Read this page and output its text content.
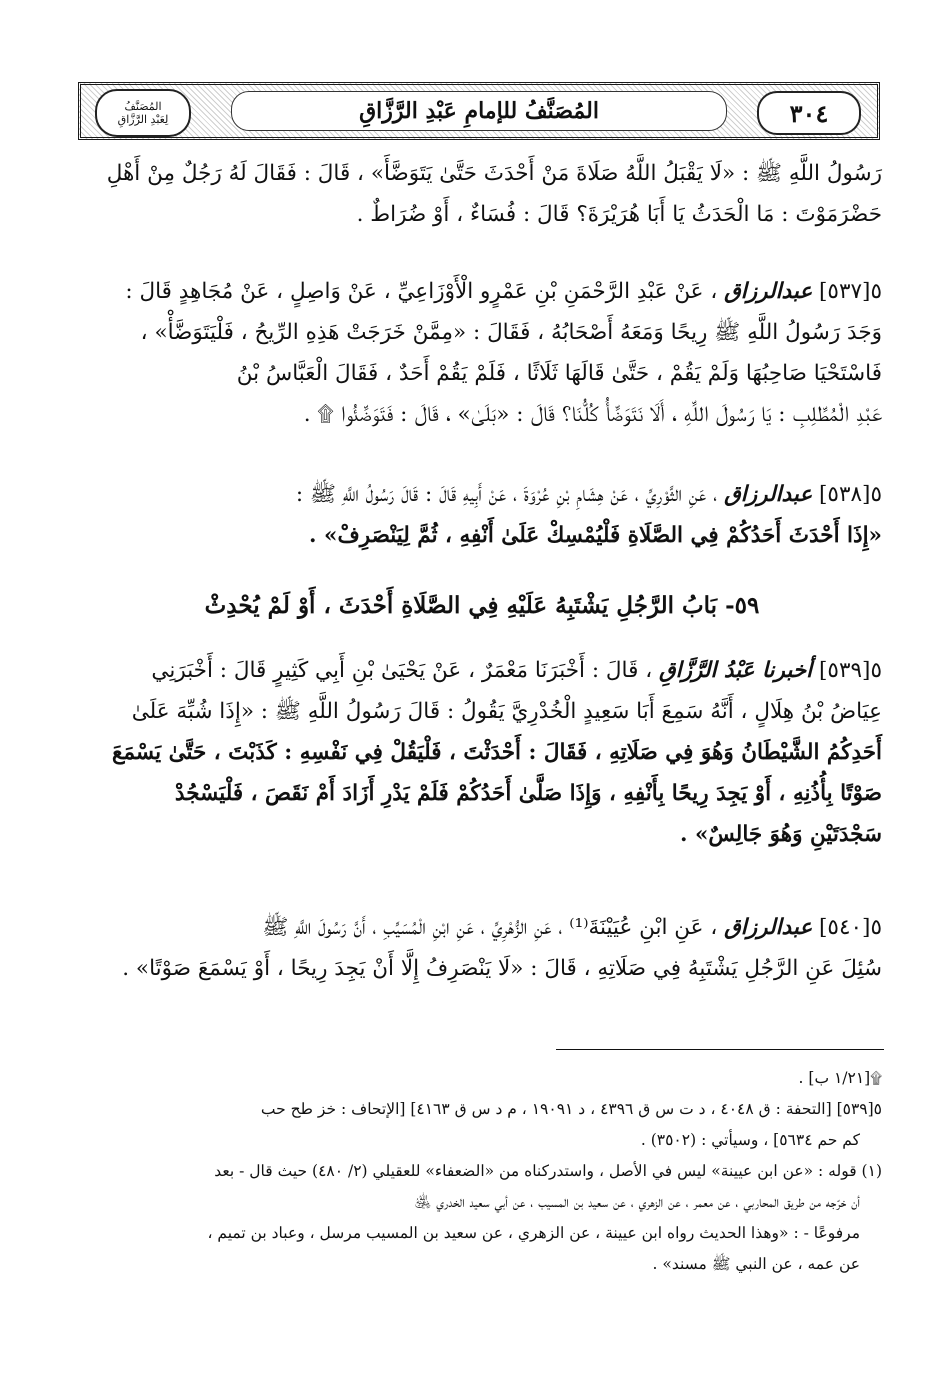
المُصَنَّفُ
لِعَبْدِ الرَّزَّاقِ	المُصَنَّفُ للإمامِ عَبْدِ الرَّزَّاقِ	٣٠٤
رَسُولُ اللَّهِ ﷺ : «لَا يَقْبَلُ اللَّهُ صَلَاةَ مَنْ أَحْدَثَ حَتَّىٰ يَتَوَضَّأَ» ، قَالَ : فَقَالَ لَهُ رَجُلٌ مِنْ أَهْلِ
حَضْرَمَوْتَ : مَا الْحَدَثُ يَا أَبَا هُرَيْرَةَ؟ قَالَ : فُسَاءٌ ، أَوْ ضُرَاطٌ .
٥[٥٣٧] عبدالرزاق ، عَنْ عَبْدِ الرَّحْمَنِ بْنِ عَمْرٍو الْأَوْزَاعِيِّ ، عَنْ وَاصِلٍ ، عَنْ مُجَاهِدٍ قَالَ :
وَجَدَ رَسُولُ اللَّهِ ﷺ رِيحًا وَمَعَهُ أَصْحَابُهُ ، فَقَالَ : «مِمَّنْ خَرَجَتْ هَذِهِ الرِّيحُ ، فَلْيَتَوَضَّأْ» ،
فَاسْتَحْيَا صَاحِبُهَا وَلَمْ يَقُمْ ، حَتَّىٰ قَالَهَا ثَلَاثًا ، فَلَمْ يَقُمْ أَحَدٌ ، فَقَالَ الْعَبَّاسُ بْنُ
عَبْدِ الْمُطَّلِبِ : يَا رَسُولَ اللَّهِ ، أَلَا نَتَوَضَّأُ كُلُّنَا؟ قَالَ : «بَلَىٰ» ، قَالَ : فَتَوَضَّئُوا ۩ .
٥[٥٣٨] عبدالرزاق ، عَنِ الثَّوْرِيِّ ، عَنْ هِشَامِ بْنِ عُرْوَةَ ، عَنْ أَبِيهِ قَالَ : قَالَ رَسُولُ اللَّهِ ﷺ :
«إِذَا أَحْدَثَ أَحَدُكُمْ فِي الصَّلَاةِ فَلْيُمْسِكْ عَلَىٰ أَنْفِهِ ، ثُمَّ لِيَنْصَرِفْ» .
٥٩- بَابُ الرَّجُلِ يَشْتَبِهُ عَلَيْهِ فِي الصَّلَاةِ أَحْدَثَ ، أَوْ لَمْ يُحْدِثْ
٥[٥٣٩] أخبرنا عَبْدُ الرَّزَّاقِ ، قَالَ : أَخْبَرَنَا مَعْمَرٌ ، عَنْ يَحْيَىٰ بْنِ أَبِي كَثِيرٍ قَالَ : أَخْبَرَنِي
عِيَاضُ بْنُ هِلَالٍ ، أَنَّهُ سَمِعَ أَبَا سَعِيدٍ الْخُدْرِيَّ يَقُولُ : قَالَ رَسُولُ اللَّهِ ﷺ : «إِذَا شُبِّهَ عَلَىٰ
أَحَدِكُمُ الشَّيْطَانُ وَهُوَ فِي صَلَاتِهِ ، فَقَالَ : أَحْدَثْتَ ، فَلْيَقُلْ فِي نَفْسِهِ : كَذَبْتَ ، حَتَّىٰ يَسْمَعَ
صَوْتًا بِأُذُنِهِ ، أَوْ يَجِدَ رِيحًا بِأَنْفِهِ ، وَإِذَا صَلَّىٰ أَحَدُكُمْ فَلَمْ يَدْرِ أَزَادَ أَمْ نَقَصَ ، فَلْيَسْجُدْ
سَجْدَتَيْنِ وَهُوَ جَالِسٌ» .
٥[٥٤٠] عبدالرزاق ، عَنِ ابْنِ عُيَيْنَةَ⁽¹⁾ ، عَنِ الزُّهْرِيِّ ، عَنِ ابْنِ الْمُسَيِّبِ ، أَنَّ رَسُولَ اللَّهِ ﷺ
سُئِلَ عَنِ الرَّجُلِ يَشْتَبِهُ فِي صَلَاتِهِ ، قَالَ : «لَا يَنْصَرِفُ إِلَّا أَنْ يَجِدَ رِيحًا ، أَوْ يَسْمَعَ صَوْتًا» .
۩[١/٢١ ب] .
٥[٥٣٩] [التحفة : ق ٤٠٤٨ ، د ت س ق ٤٣٩٦ ، د ١٩٠٩١ ، م د س ق ٤١٦٣] [الإتحاف : خز طح حب
كم حم ٥٦٣٤] ، وسيأتي : (٣٥٠٢) .
(١) قوله : «عن ابن عيينة» ليس في الأصل ، واستدركناه من «الضعفاء» للعقيلي (٢/ ٤٨٠) حيث قال - بعد
أن خرّجه من طريق المحاربي ، عن معمر ، عن الزهري ، عن سعيد بن المسيب ، عن أبي سعيد الخدري ﵁
مرفوعًا - : «وهذا الحديث رواه ابن عيينة ، عن الزهري ، عن سعيد بن المسيب مرسل ، وعباد بن تميم ،
عن عمه ، عن النبي ﷺ مسند» .
